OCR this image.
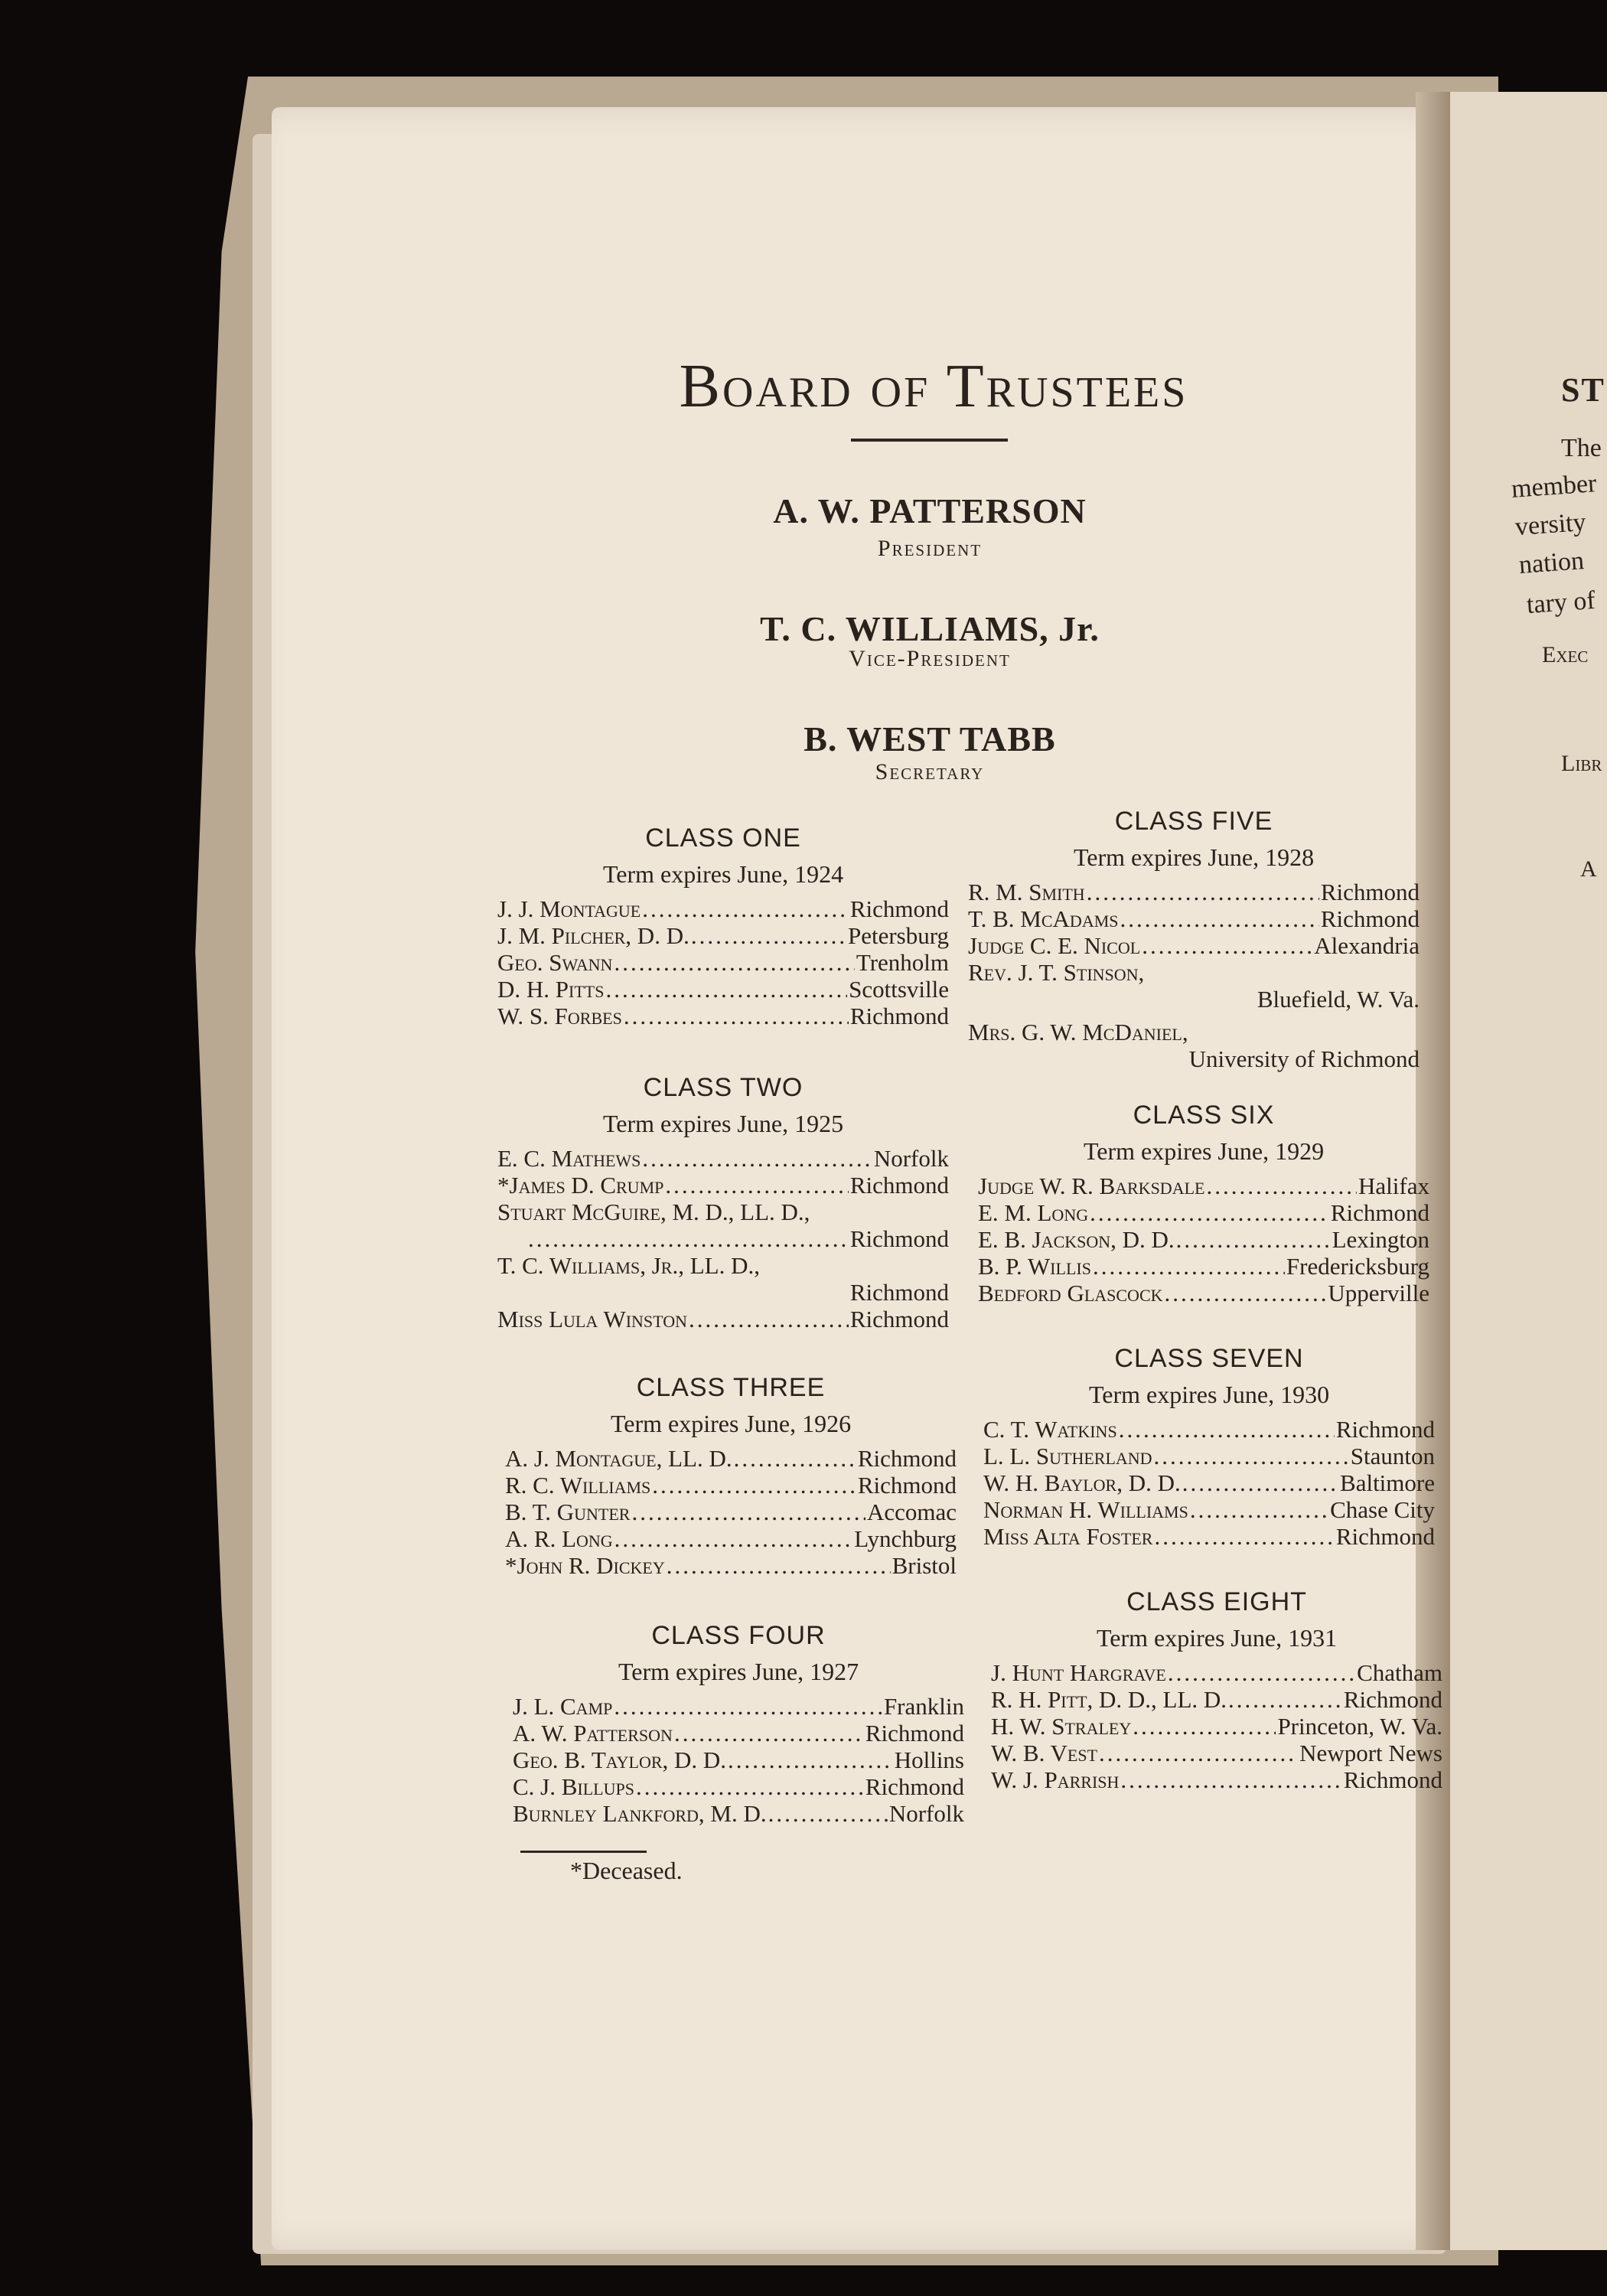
ST
The
member
versity
nation
tary of
Exec
Libr
A
Board of Trustees
A. W. PATTERSON
President
T. C. WILLIAMS, Jr.
Vice-President
B. WEST TABB
Secretary
CLASS ONE
Term expires June, 1924
J. J. Montague .....	Richmond
J. M. Pilcher, D. D. .....	Petersburg
Geo. Swann .....	Trenholm
D. H. Pitts .....	Scottsville
W. S. Forbes .....	Richmond
CLASS TWO
Term expires June, 1925
E. C. Mathews .....	Norfolk
*James D. Crump .....	Richmond
Stuart McGuire, M. D., LL. D.,
.....
Richmond
T. C. Williams, Jr., LL. D.,
Richmond
Miss Lula Winston .....	Richmond
CLASS THREE
Term expires June, 1926
A. J. Montague, LL. D. .....	Richmond
R. C. Williams .....	Richmond
B. T. Gunter .....	Accomac
A. R. Long .....	Lynchburg
*John R. Dickey .....	Bristol
CLASS FOUR
Term expires June, 1927
J. L. Camp .....	Franklin
A. W. Patterson .....	Richmond
Geo. B. Taylor, D. D. .....	Hollins
C. J. Billups .....	Richmond
Burnley Lankford, M. D. .....	Norfolk
CLASS FIVE
Term expires June, 1928
R. M. Smith .....	Richmond
T. B. McAdams .....	Richmond
Judge C. E. Nicol .....	Alexandria
Rev. J. T. Stinson,
Bluefield, W. Va.
Mrs. G. W. McDaniel,
University of Richmond
CLASS SIX
Term expires June, 1929
Judge W. R. Barksdale .....	Halifax
E. M. Long .....	Richmond
E. B. Jackson, D. D. .....	Lexington
B. P. Willis .....	Fredericksburg
Bedford Glascock .....	Upperville
CLASS SEVEN
Term expires June, 1930
C. T. Watkins .....	Richmond
L. L. Sutherland .....	Staunton
W. H. Baylor, D. D. .....	Baltimore
Norman H. Williams .....	Chase City
Miss Alta Foster .....	Richmond
CLASS EIGHT
Term expires June, 1931
J. Hunt Hargrave .....	Chatham
R. H. Pitt, D. D., LL. D. .....	Richmond
H. W. Straley .....	Princeton, W. Va.
W. B. Vest .....	Newport News
W. J. Parrish .....	Richmond
*Deceased.
